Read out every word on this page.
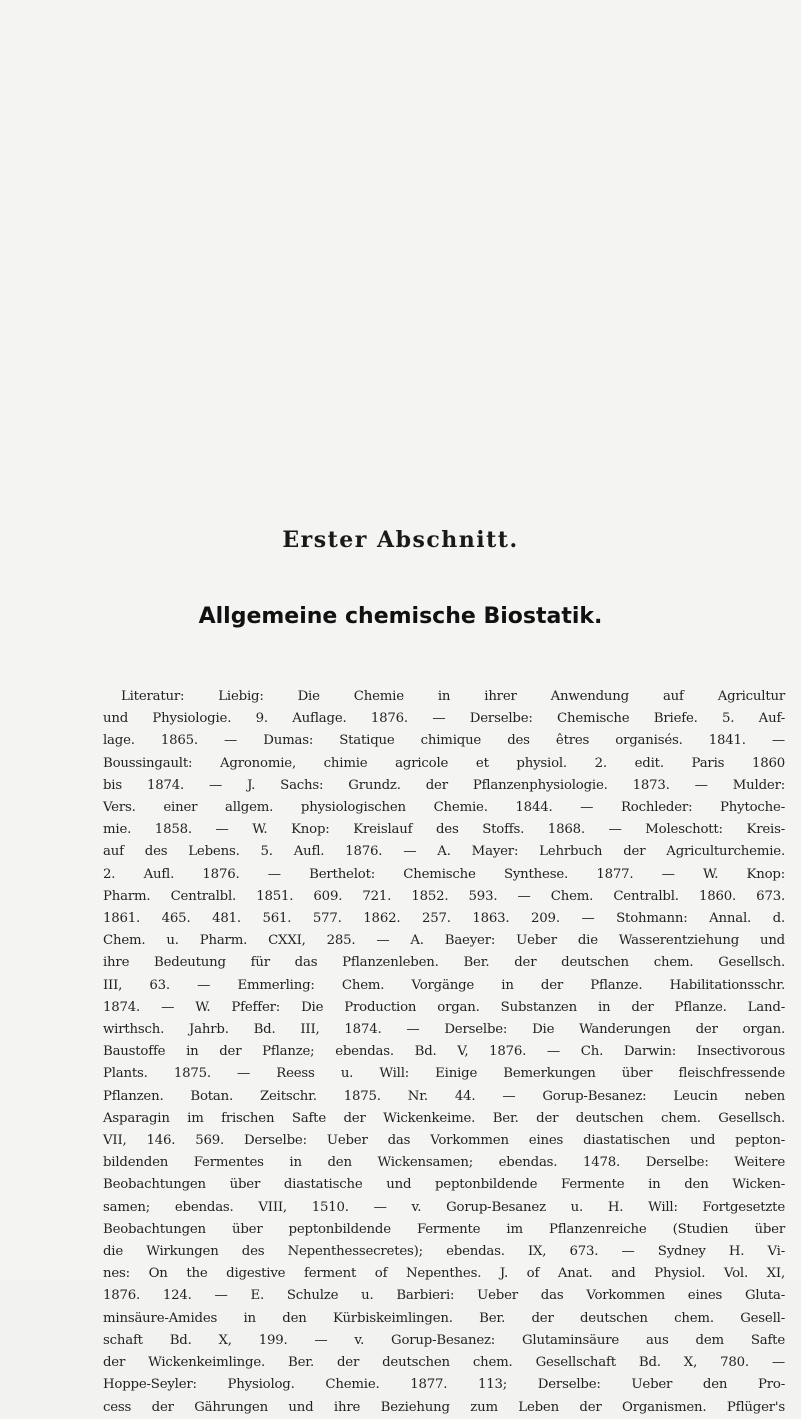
Erster Abschnitt.
Allgemeine chemische Biostatik.

Literatur: Liebig: Die Chemie in ihrer Anwendung auf Agricultur
und Physiologie. 9. Auflage. 1876. — Derselbe: Chemische Briefe. 5. Auf-
lage. 1865. — Dumas: Statique chimique des êtres organisés. 1841. —
Boussingault: Agronomie, chimie agricole et physiol. 2. edit. Paris 1860
bis 1874. — J. Sachs: Grundz. der Pflanzenphysiologie. 1873. — Mulder:
Vers. einer allgem. physiologischen Chemie. 1844. — Rochleder: Phytoche-
mie. 1858. — W. Knop: Kreislauf des Stoffs. 1868. — Moleschott: Kreis-
auf des Lebens. 5. Aufl. 1876. — A. Mayer: Lehrbuch der Agriculturchemie.
2. Aufl. 1876. — Berthelot: Chemische Synthese. 1877. — W. Knop:
Pharm. Centralbl. 1851. 609. 721. 1852. 593. — Chem. Centralbl. 1860. 673.
1861. 465. 481. 561. 577. 1862. 257. 1863. 209. — Stohmann: Annal. d.
Chem. u. Pharm. CXXI, 285. — A. Baeyer: Ueber die Wasserentziehung und
ihre Bedeutung für das Pflanzenleben. Ber. der deutschen chem. Gesellsch.
III, 63. — Emmerling: Chem. Vorgänge in der Pflanze. Habilitationsschr.
1874. — W. Pfeffer: Die Production organ. Substanzen in der Pflanze. Land-
wirthsch. Jahrb. Bd. III, 1874. — Derselbe: Die Wanderungen der organ.
Baustoffe in der Pflanze; ebendas. Bd. V, 1876. — Ch. Darwin: Insectivorous
Plants. 1875. — Reess u. Will: Einige Bemerkungen über fleischfressende
Pflanzen. Botan. Zeitschr. 1875. Nr. 44. — Gorup-Besanez: Leucin neben
Asparagin im frischen Safte der Wickenkeime. Ber. der deutschen chem. Gesellsch.
VII, 146. 569. Derselbe: Ueber das Vorkommen eines diastatischen und pepton-
bildenden Fermentes in den Wickensamen; ebendas. 1478. Derselbe: Weitere
Beobachtungen über diastatische und peptonbildende Fermente in den Wicken-
samen; ebendas. VIII, 1510. — v. Gorup-Besanez u. H. Will: Fortgesetzte
Beobachtungen über peptonbildende Fermente im Pflanzenreiche (Studien über
die Wirkungen des Nepenthessecretes); ebendas. IX, 673. — Sydney H. Vi-
nes: On the digestive ferment of Nepenthes. J. of Anat. and Physiol. Vol. XI,
1876. 124. — E. Schulze u. Barbieri: Ueber das Vorkommen eines Gluta-
minsäure-Amides in den Kürbiskeimlingen. Ber. der deutschen chem. Gesell-
schaft Bd. X, 199. — v. Gorup-Besanez: Glutaminsäure aus dem Safte
der Wickenkeimlinge. Ber. der deutschen chem. Gesellschaft Bd. X, 780. —
Hoppe-Seyler: Physiolog. Chemie. 1877. 113; Derselbe: Ueber den Pro-
cess der Gährungen und ihre Beziehung zum Leben der Organismen. Pflüger's
